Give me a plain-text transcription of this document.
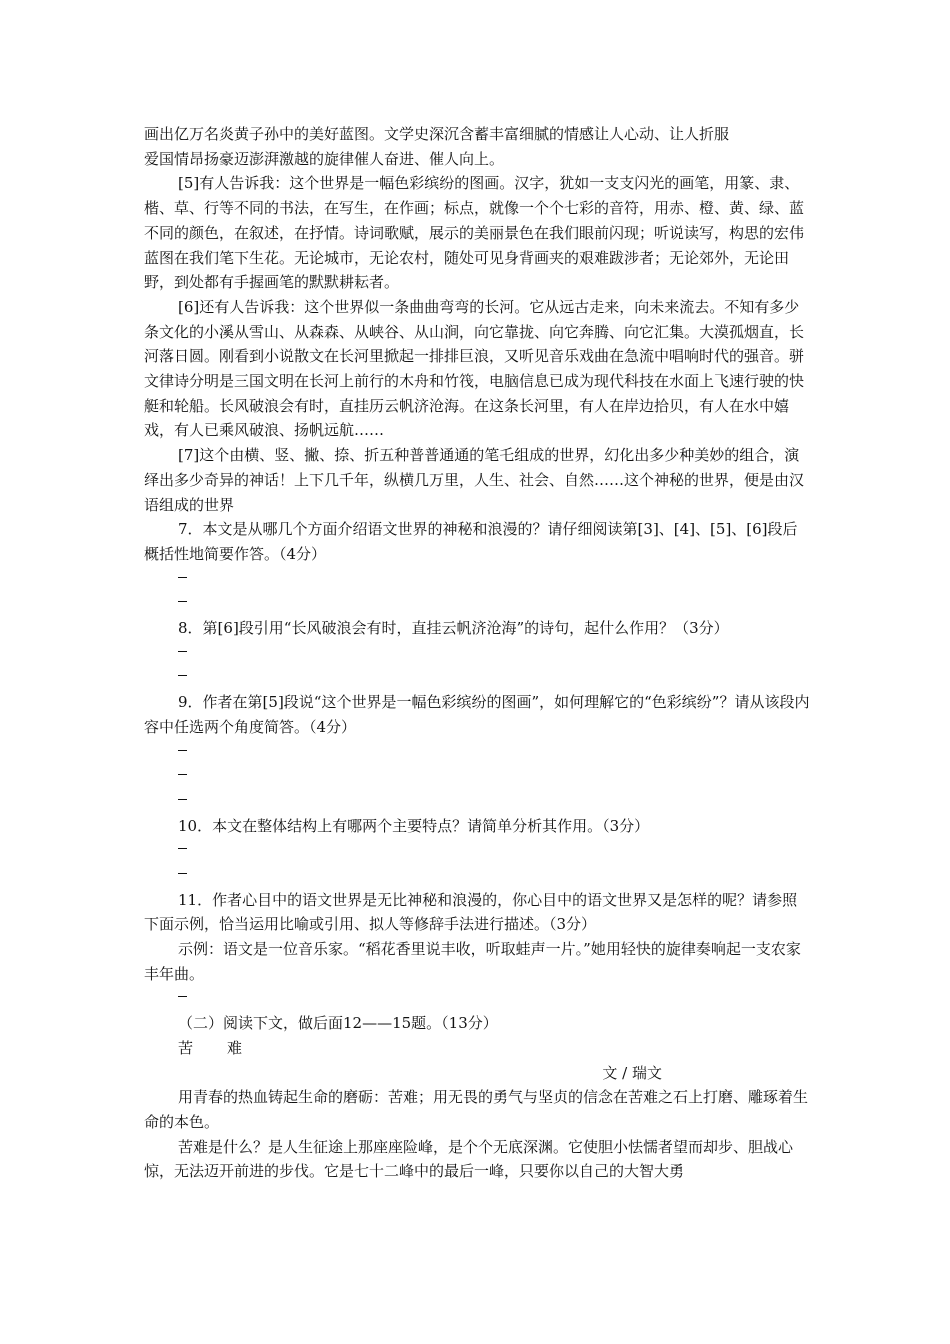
画出亿万名炎黄子孙中的美好蓝图。文学史深沉含蓄丰富细腻的情感让人心动、让人折服

爱国情昂扬豪迈澎湃激越的旋律催人奋进、催人向上。

[5]有人告诉我：这个世界是一幅色彩缤纷的图画。汉字，犹如一支支闪光的画笔，用篆、隶、楷、草、行等不同的书法，在写生，在作画；标点，就像一个个七彩的音符，用赤、橙、黄、绿、蓝不同的颜色，在叙述，在抒情。诗词歌赋，展示的美丽景色在我们眼前闪现；听说读写，构思的宏伟蓝图在我们笔下生花。无论城市，无论农村，随处可见身背画夹的艰难跋涉者；无论郊外，无论田野，到处都有手握画笔的默默耕耘者。

[6]还有人告诉我：这个世界似一条曲曲弯弯的长河。它从远古走来，向未来流去。不知有多少条文化的小溪从雪山、从森森、从峡谷、从山涧，向它靠拢、向它奔腾、向它汇集。大漠孤烟直，长河落日圆。刚看到小说散文在长河里掀起一排排巨浪，又听见音乐戏曲在急流中唱响时代的强音。骈文律诗分明是三国文明在长河上前行的木舟和竹筏，电脑信息已成为现代科技在水面上飞速行驶的快艇和轮船。长风破浪会有时，直挂历云帆济沧海。在这条长河里，有人在岸边拾贝，有人在水中嬉戏，有人已乘风破浪、扬帆远航……

[7]这个由横、竖、撇、捺、折五种普普通通的笔乇组成的世界，幻化出多少种美妙的组合，演绎出多少奇异的神话！上下几千年，纵横几万里，人生、社会、自然……这个神秘的世界，便是由汉语组成的世界

7．本文是从哪几个方面介绍语文世界的神秘和浪漫的？请仔细阅读第[3]、[4]、[5]、[6]段后概括性地简要作答。（4分）

8．第[6]段引用“长风破浪会有时，直挂云帆济沧海”的诗句，起什么作用？（3分）

9．作者在第[5]段说“这个世界是一幅色彩缤纷的图画”，如何理解它的“色彩缤纷”？请从该段内容中任选两个角度简答。（4分）

10．本文在整体结构上有哪两个主要特点？请简单分析其作用。（3分）

11．作者心目中的语文世界是无比神秘和浪漫的，你心目中的语文世界又是怎样的呢？请参照下面示例，恰当运用比喻或引用、拟人等修辞手法进行描述。（3分）

示例：语文是一位音乐家。“稻花香里说丰收，听取蛙声一片。”她用轻快的旋律奏响起一支农家丰年曲。

（二）阅读下文，做后面12——15题。（13分）

苦 难

文 / 瑞文

用青春的热血铸起生命的磨砺：苦难；用无畏的勇气与坚贞的信念在苦难之石上打磨、雕琢着生命的本色。

苦难是什么？是人生征途上那座座险峰，是个个无底深渊。它使胆小怯懦者望而却步、胆战心惊，无法迈开前进的步伐。它是七十二峰中的最后一峰，只要你以自己的大智大勇
